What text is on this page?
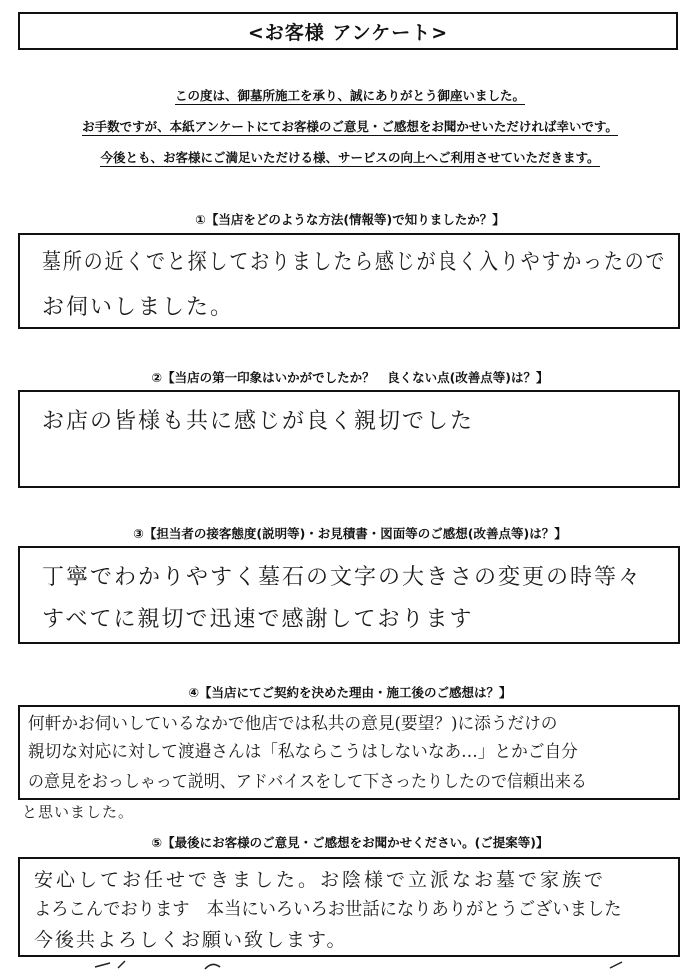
<お客様 アンケート>
この度は、御墓所施工を承り、誠にありがとう御座いました。
お手数ですが、本紙アンケートにてお客様のご意見・ご感想をお聞かせいただければ幸いです。
今後とも、お客様にご満足いただける様、サービスの向上へご利用させていただきます。
①【当店をどのような方法(情報等)で知りましたか？】
墓所の近くでと探しておりましたら感じが良く入りやすかったので
お伺いしました。
②【当店の第一印象はいかがでしたか？　良くない点(改善点等)は？】
お店の皆様も共に感じが良く親切でした
③【担当者の接客態度(説明等)・お見積書・図面等のご感想(改善点等)は？】
丁寧でわかりやすく墓石の文字の大きさの変更の時等々
すべてに親切で迅速で感謝しております
④【当店にてご契約を決めた理由・施工後のご感想は？】
何軒かお伺いしているなかで他店では私共の意見(要望？)に添うだけの
親切な対応に対して渡邉さんは「私ならこうはしないなあ…」とかご自分
の意見をおっしゃって説明、アドバイスをして下さったりしたので信頼出来る
と思いました。
⑤【最後にお客様のご意見・ご感想をお聞かせください。(ご提案等)】
安心してお任せできました。お陰様で立派なお墓で家族で
よろこんでおります　本当にいろいろお世話になりありがとうございました
今後共よろしくお願い致します。
